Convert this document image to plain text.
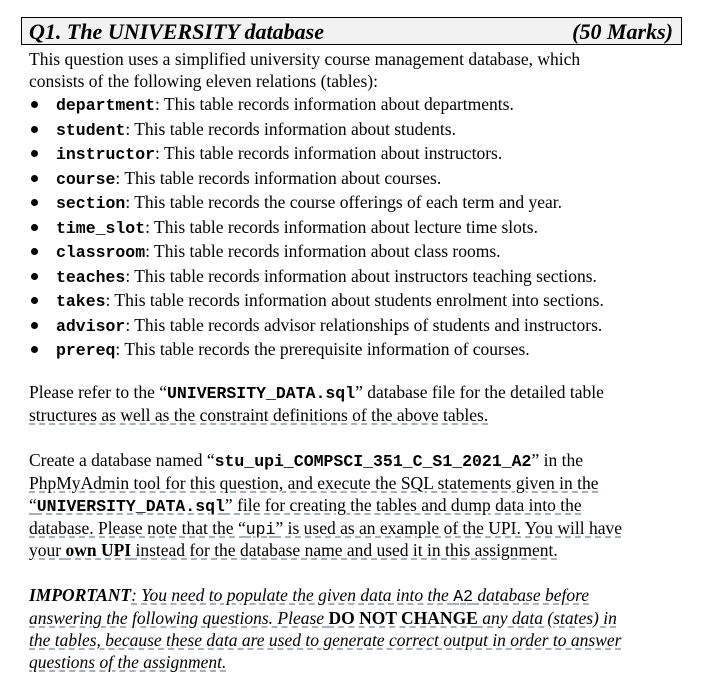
Q1. The UNIVERSITY database	(50 Marks)
This question uses a simplified university course management database, which
consists of the following eleven relations (tables):
department: This table records information about departments.
student: This table records information about students.
instructor: This table records information about instructors.
course: This table records information about courses.
section: This table records the course offerings of each term and year.
time_slot: This table records information about lecture time slots.
classroom: This table records information about class rooms.
teaches: This table records information about instructors teaching sections.
takes: This table records information about students enrolment into sections.
advisor: This table records advisor relationships of students and instructors.
prereq: This table records the prerequisite information of courses.
Please refer to the “UNIVERSITY_DATA.sql” database file for the detailed table
structures as well as the constraint definitions of the above tables.
Create a database named “stu_upi_COMPSCI_351_C_S1_2021_A2” in the
PhpMyAdmin tool for this question, and execute the SQL statements given in the
“UNIVERSITY_DATA.sql” file for creating the tables and dump data into the
database. Please note that the “upi” is used as an example of the UPI. You will have
your own UPI instead for the database name and used it in this assignment.
IMPORTANT: You need to populate the given data into the A2 database before
answering the following questions. Please DO NOT CHANGE any data (states) in
the tables, because these data are used to generate correct output in order to answer
questions of the assignment.
